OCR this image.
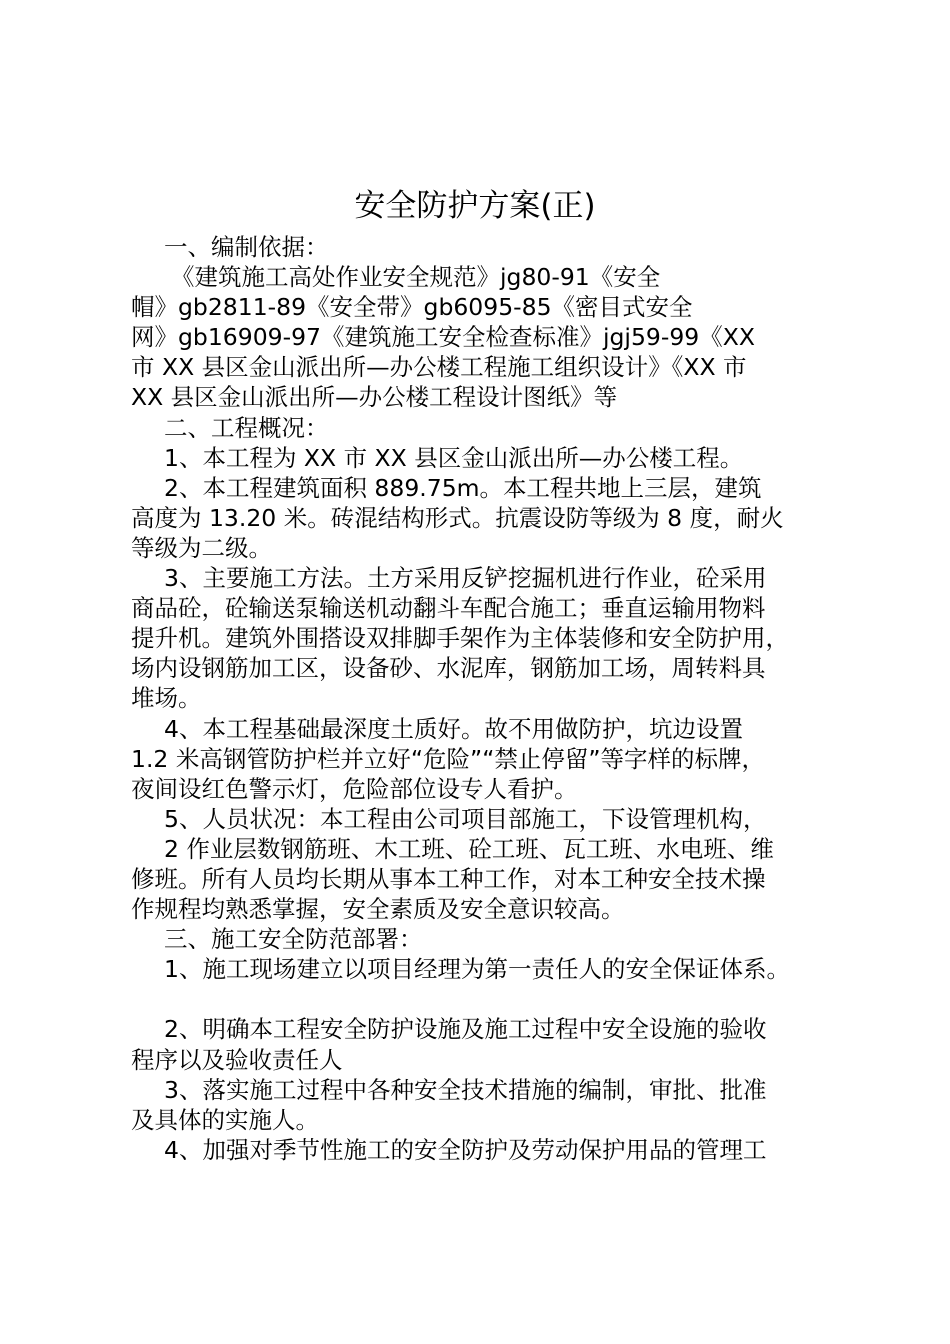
安全防护方案(正)
一、编制依据：
《建筑施工高处作业安全规范》jg80-91《安全
帽》gb2811-89《安全带》gb6095-85《密目式安全
网》gb16909-97《建筑施工安全检查标准》jgj59-99《XX
市 XX 县区金山派出所—办公楼工程施工组织设计》《XX 市
XX 县区金山派出所—办公楼工程设计图纸》等
二、工程概况：
1、本工程为 XX 市 XX 县区金山派出所—办公楼工程。
2、本工程建筑面积 889.75m。本工程共地上三层，建筑
高度为 13.20 米。砖混结构形式。抗震设防等级为 8 度，耐火
等级为二级。
3、主要施工方法。土方采用反铲挖掘机进行作业，砼采用
商品砼，砼输送泵输送机动翻斗车配合施工；垂直运输用物料
提升机。建筑外围搭设双排脚手架作为主体装修和安全防护用，
场内设钢筋加工区，设备砂、水泥库，钢筋加工场，周转料具
堆场。
4、本工程基础最深度土质好。故不用做防护，坑边设置
1.2 米高钢管防护栏并立好“危险”“禁止停留”等字样的标牌，
夜间设红色警示灯，危险部位设专人看护。
5、人员状况：本工程由公司项目部施工，下设管理机构，
2 作业层数钢筋班、木工班、砼工班、瓦工班、水电班、维
修班。所有人员均长期从事本工种工作，对本工种安全技术操
作规程均熟悉掌握，安全素质及安全意识较高。
三、施工安全防范部署：
1、施工现场建立以项目经理为第一责任人的安全保证体系。
2、明确本工程安全防护设施及施工过程中安全设施的验收
程序以及验收责任人
3、落实施工过程中各种安全技术措施的编制，审批、批准
及具体的实施人。
4、加强对季节性施工的安全防护及劳动保护用品的管理工
